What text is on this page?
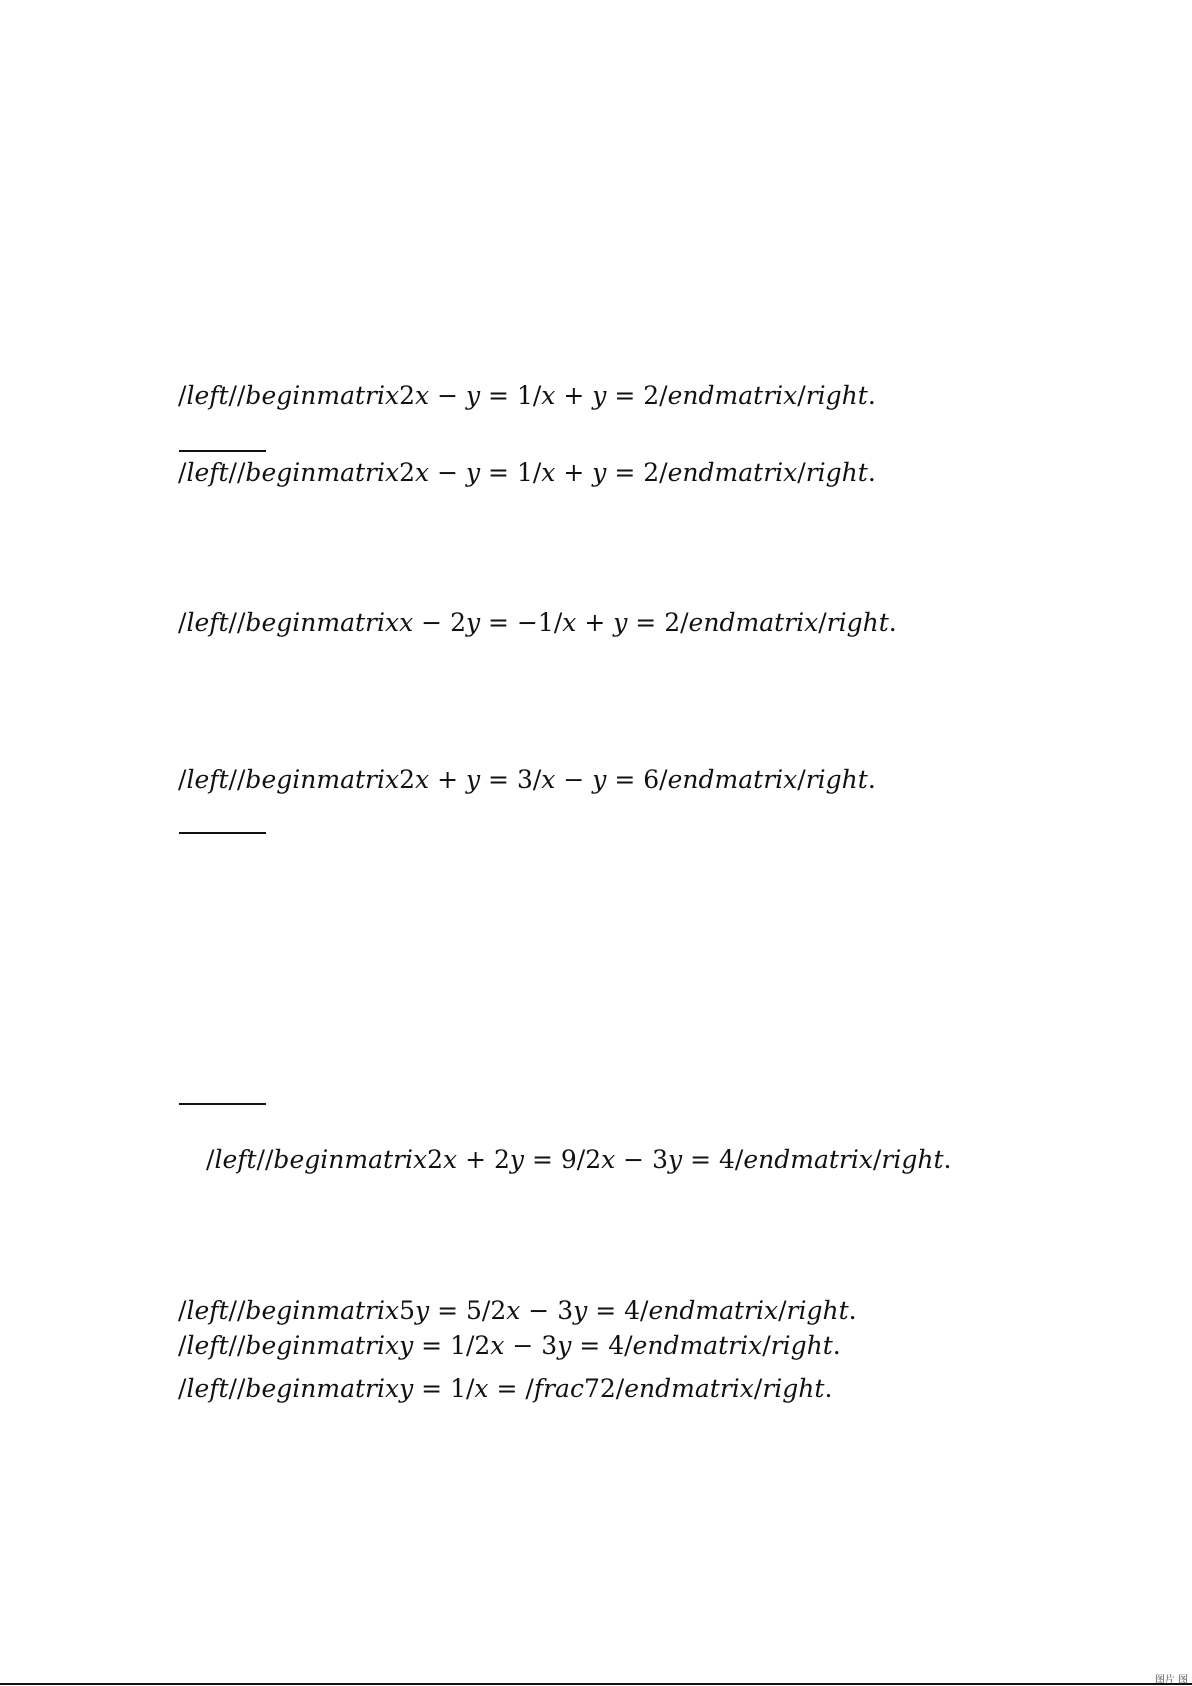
/left//beginmatrix2x − y = 1/x + y = 2/endmatrix/right.
/left//beginmatrix2x − y = 1/x + y = 2/endmatrix/right.
/left//beginmatrixx − 2y = −1/x + y = 2/endmatrix/right.
/left//beginmatrix2x + y = 3/x − y = 6/endmatrix/right.
/left//beginmatrix2x + 2y = 9/2x − 3y = 4/endmatrix/right.
/left//beginmatrix5y = 5/2x − 3y = 4/endmatrix/right.
/left//beginmatrixy = 1/2x − 3y = 4/endmatrix/right.
/left//beginmatrixy = 1/x = /frac72/endmatrix/right.
图片 图
